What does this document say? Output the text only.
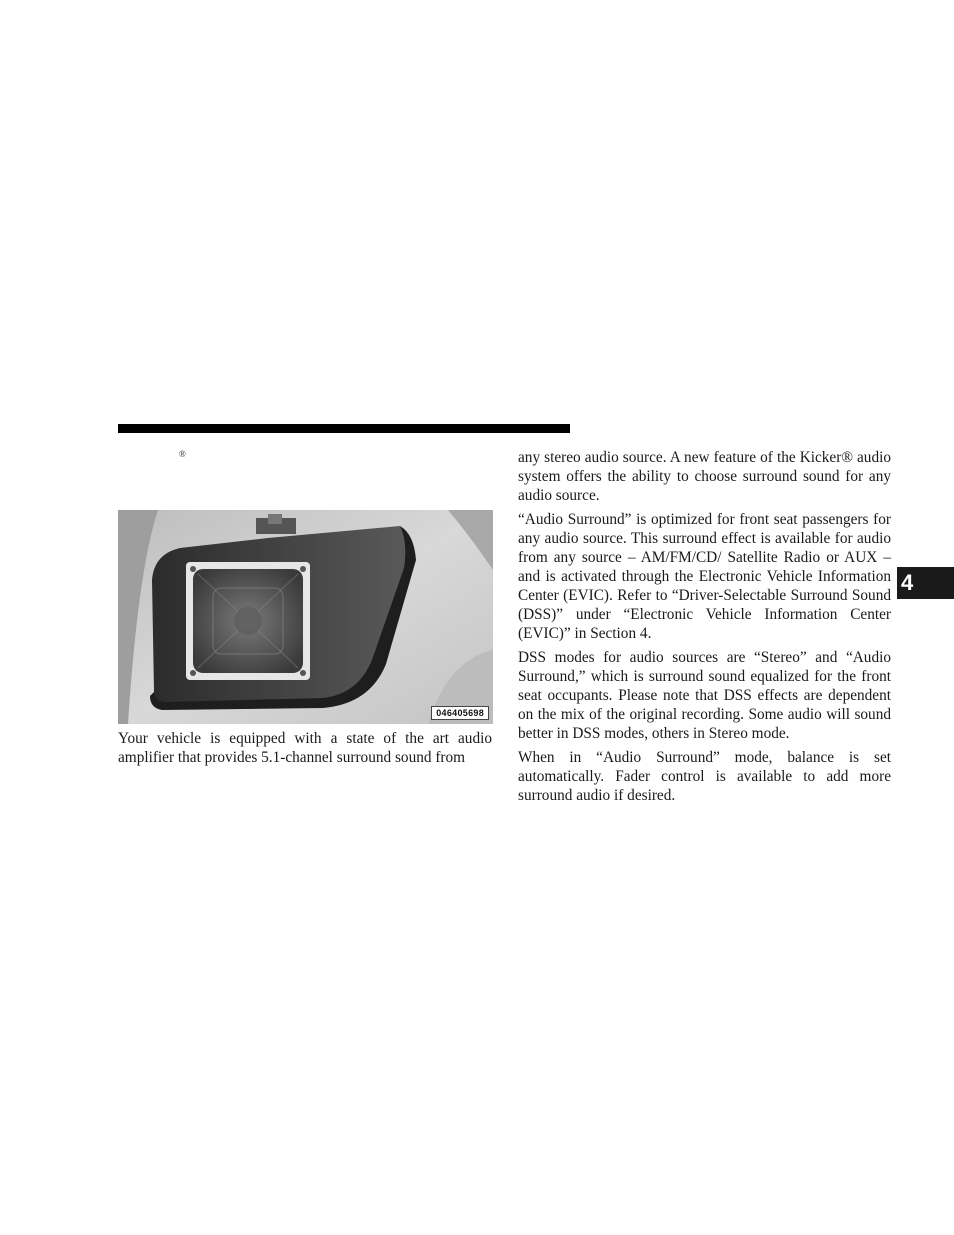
®
046405698

Your vehicle is equipped with a state of the art audio amplifier that provides 5.1-channel surround sound from

any stereo audio source. A new feature of the Kicker® audio system offers the ability to choose surround sound for any audio source.

“Audio Surround” is optimized for front seat passengers for any audio source. This surround effect is available for audio from any source – AM/FM/CD/ Satellite Radio or AUX – and is activated through the Electronic Vehicle Information Center (EVIC). Refer to “Driver-Selectable Surround Sound (DSS)” under “Electronic Vehicle Information Center (EVIC)” in Section 4.

DSS modes for audio sources are “Stereo” and “Audio Surround,” which is surround sound equalized for the front seat occupants. Please note that DSS effects are dependent on the mix of the original recording. Some audio will sound better in DSS modes, others in Stereo mode.

When in “Audio Surround” mode, balance is set automatically. Fader control is available to add more surround audio if desired.

4
